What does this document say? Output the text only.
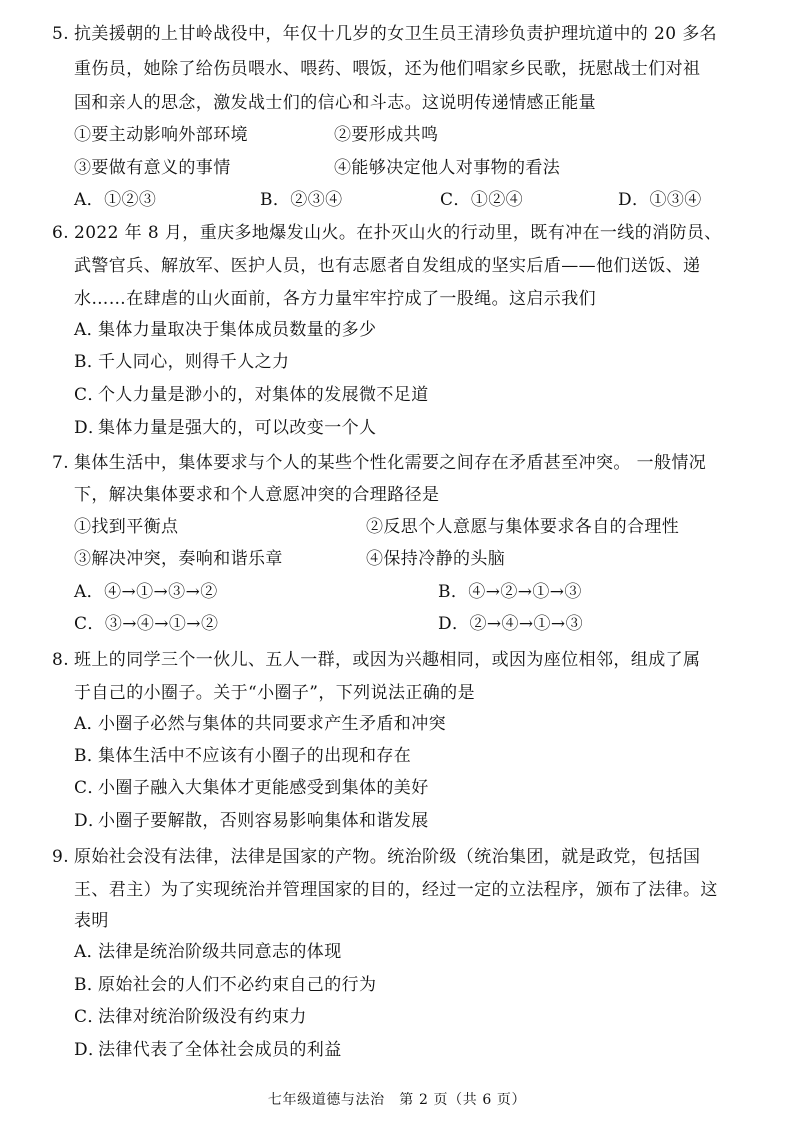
5. 抗美援朝的上甘岭战役中，年仅十几岁的女卫生员王清珍负责护理坑道中的 20 多名
重伤员，她除了给伤员喂水、喂药、喂饭，还为他们唱家乡民歌，抚慰战士们对祖
国和亲人的思念，激发战士们的信心和斗志。这说明传递情感正能量
①要主动影响外部环境	②要形成共鸣
③要做有意义的事情	④能够决定他人对事物的看法
A．①②③	B．②③④	C．①②④	D．①③④
6. 2022 年 8 月，重庆多地爆发山火。在扑灭山火的行动里，既有冲在一线的消防员、
武警官兵、解放军、医护人员，也有志愿者自发组成的坚实后盾——他们送饭、递
水……在肆虐的山火面前，各方力量牢牢拧成了一股绳。这启示我们
A．集体力量取决于集体成员数量的多少
B．千人同心，则得千人之力
C．个人力量是渺小的，对集体的发展微不足道
D．集体力量是强大的，可以改变一个人
7. 集体生活中，集体要求与个人的某些个性化需要之间存在矛盾甚至冲突。 一般情况
下，解决集体要求和个人意愿冲突的合理路径是
①找到平衡点	②反思个人意愿与集体要求各自的合理性
③解决冲突，奏响和谐乐章	④保持冷静的头脑
A．④→①→③→②	B．④→②→①→③
C．③→④→①→②	D．②→④→①→③
8. 班上的同学三个一伙儿、五人一群，或因为兴趣相同，或因为座位相邻，组成了属
于自己的小圈子。关于“小圈子”，下列说法正确的是
A．小圈子必然与集体的共同要求产生矛盾和冲突
B．集体生活中不应该有小圈子的出现和存在
C．小圈子融入大集体才更能感受到集体的美好
D．小圈子要解散，否则容易影响集体和谐发展
9. 原始社会没有法律，法律是国家的产物。统治阶级（统治集团，就是政党，包括国
王、君主）为了实现统治并管理国家的目的，经过一定的立法程序，颁布了法律。这
表明
A．法律是统治阶级共同意志的体现
B．原始社会的人们不必约束自己的行为
C．法律对统治阶级没有约束力
D．法律代表了全体社会成员的利益
七年级道德与法治　第 2 页（共 6 页）
